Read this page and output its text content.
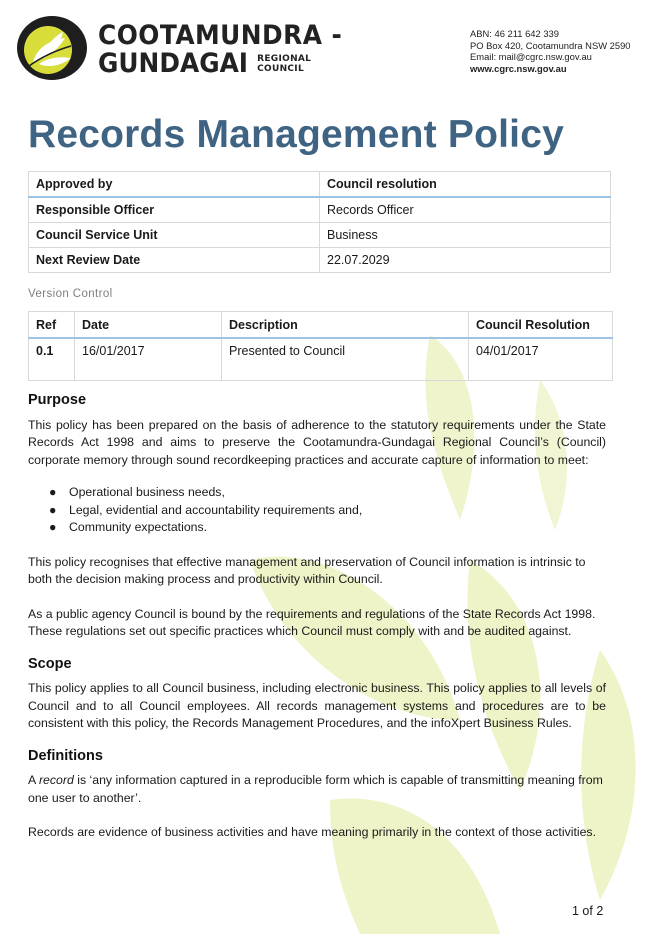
COOTAMUNDRA -
GUNDAGAI REGIONAL
COUNCIL
ABN: 46 211 642 339
PO Box 420, Cootamundra NSW 2590
Email: mail@cgrc.nsw.gov.au
www.cgrc.nsw.gov.au
Records Management Policy
Approved by	Council resolution
Responsible Officer	Records Officer
Council Service Unit	Business
Next Review Date	22.07.2029
Version Control
Ref	Date	Description	Council Resolution
0.1	16/01/2017	Presented to Council	04/01/2017
Purpose

This policy has been prepared on the basis of adherence to the statutory requirements under the State Records Act 1998 and aims to preserve the Cootamundra-Gundagai Regional Council’s (Council) corporate memory through sound recordkeeping practices and accurate capture of information to meet:

● Operational business needs,
● Legal, evidential and accountability requirements and,
● Community expectations.

This policy recognises that effective management and preservation of Council information is intrinsic to both the decision making process and productivity within Council.

As a public agency Council is bound by the requirements and regulations of the State Records Act 1998. These regulations set out specific practices which Council must comply with and be audited against.

Scope

This policy applies to all Council business, including electronic business. This policy applies to all levels of Council and to all Council employees. All records management systems and procedures are to be consistent with this policy, the Records Management Procedures, and the infoXpert Business Rules.

Definitions

A record is ‘any information captured in a reproducible form which is capable of transmitting meaning from one user to another’.

Records are evidence of business activities and have meaning primarily in the context of those activities.

1 of 2
